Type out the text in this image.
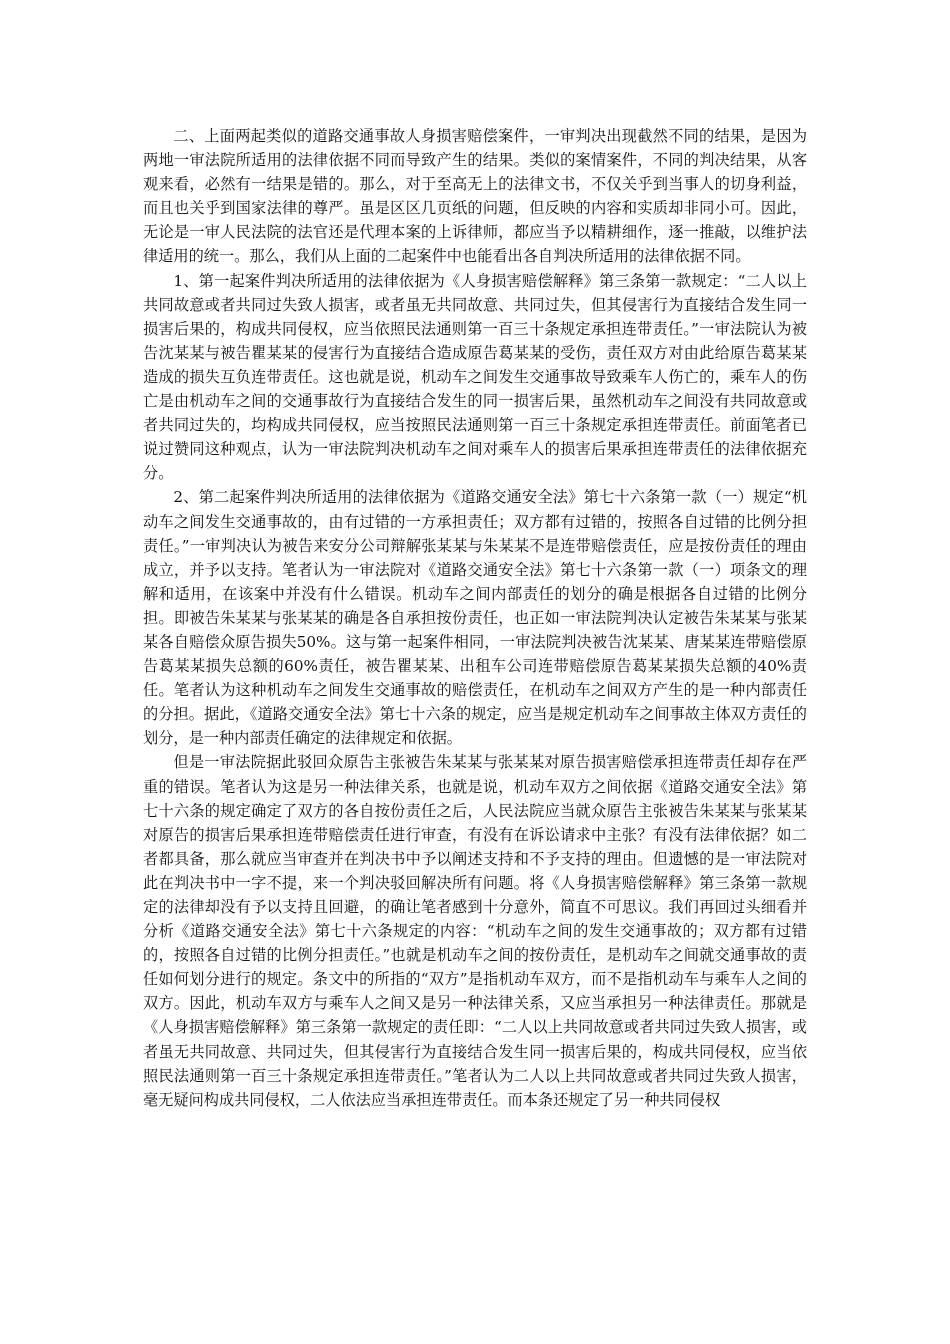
二、上面两起类似的道路交通事故人身损害赔偿案件，一审判决出现截然不同的结果，是因为两地一审法院所适用的法律依据不同而导致产生的结果。类似的案情案件，不同的判决结果，从客观来看，必然有一结果是错的。那么，对于至高无上的法律文书，不仅关乎到当事人的切身利益，而且也关乎到国家法律的尊严。虽是区区几页纸的问题，但反映的内容和实质却非同小可。因此，无论是一审人民法院的法官还是代理本案的上诉律师，都应当予以精耕细作，逐一推敲，以维护法律适用的统一。那么，我们从上面的二起案件中也能看出各自判决所适用的法律依据不同。

1、第一起案件判决所适用的法律依据为《人身损害赔偿解释》第三条第一款规定：“二人以上共同故意或者共同过失致人损害，或者虽无共同故意、共同过失，但其侵害行为直接结合发生同一损害后果的，构成共同侵权，应当依照民法通则第一百三十条规定承担连带责任。”一审法院认为被告沈某某与被告瞿某某的侵害行为直接结合造成原告葛某某的受伤，责任双方对由此给原告葛某某造成的损失互负连带责任。这也就是说，机动车之间发生交通事故导致乘车人伤亡的，乘车人的伤亡是由机动车之间的交通事故行为直接结合发生的同一损害后果，虽然机动车之间没有共同故意或者共同过失的，均构成共同侵权，应当按照民法通则第一百三十条规定承担连带责任。前面笔者已说过赞同这种观点，认为一审法院判决机动车之间对乘车人的损害后果承担连带责任的法律依据充分。

2、第二起案件判决所适用的法律依据为《道路交通安全法》第七十六条第一款（一）规定“机动车之间发生交通事故的，由有过错的一方承担责任；双方都有过错的，按照各自过错的比例分担责任。”一审判决认为被告来安分公司辩解张某某与朱某某不是连带赔偿责任，应是按份责任的理由成立，并予以支持。笔者认为一审法院对《道路交通安全法》第七十六条第一款（一）项条文的理解和适用，在该案中并没有什么错误。机动车之间内部责任的划分的确是根据各自过错的比例分担。即被告朱某某与张某某的确是各自承担按份责任，也正如一审法院判决认定被告朱某某与张某某各自赔偿众原告损失50%。这与第一起案件相同，一审法院判决被告沈某某、唐某某连带赔偿原告葛某某损失总额的60%责任，被告瞿某某、出租车公司连带赔偿原告葛某某损失总额的40%责任。笔者认为这种机动车之间发生交通事故的赔偿责任，在机动车之间双方产生的是一种内部责任的分担。据此，《道路交通安全法》第七十六条的规定，应当是规定机动车之间事故主体双方责任的划分，是一种内部责任确定的法律规定和依据。

但是一审法院据此驳回众原告主张被告朱某某与张某某对原告损害赔偿承担连带责任却存在严重的错误。笔者认为这是另一种法律关系，也就是说，机动车双方之间依据《道路交通安全法》第七十六条的规定确定了双方的各自按份责任之后，人民法院应当就众原告主张被告朱某某与张某某对原告的损害后果承担连带赔偿责任进行审查，有没有在诉讼请求中主张？有没有法律依据？如二者都具备，那么就应当审查并在判决书中予以阐述支持和不予支持的理由。但遗憾的是一审法院对此在判决书中一字不提，来一个判决驳回解决所有问题。将《人身损害赔偿解释》第三条第一款规定的法律却没有予以支持且回避，的确让笔者感到十分意外，简直不可思议。我们再回过头细看并分析《道路交通安全法》第七十六条规定的内容：“机动车之间的发生交通事故的；双方都有过错的，按照各自过错的比例分担责任。”也就是机动车之间的按份责任，是机动车之间就交通事故的责任如何划分进行的规定。条文中的所指的“双方”是指机动车双方，而不是指机动车与乘车人之间的双方。因此，机动车双方与乘车人之间又是另一种法律关系，又应当承担另一种法律责任。那就是《人身损害赔偿解释》第三条第一款规定的责任即：“二人以上共同故意或者共同过失致人损害，或者虽无共同故意、共同过失，但其侵害行为直接结合发生同一损害后果的，构成共同侵权，应当依照民法通则第一百三十条规定承担连带责任。”笔者认为二人以上共同故意或者共同过失致人损害，毫无疑问构成共同侵权，二人依法应当承担连带责任。而本条还规定了另一种共同侵权
